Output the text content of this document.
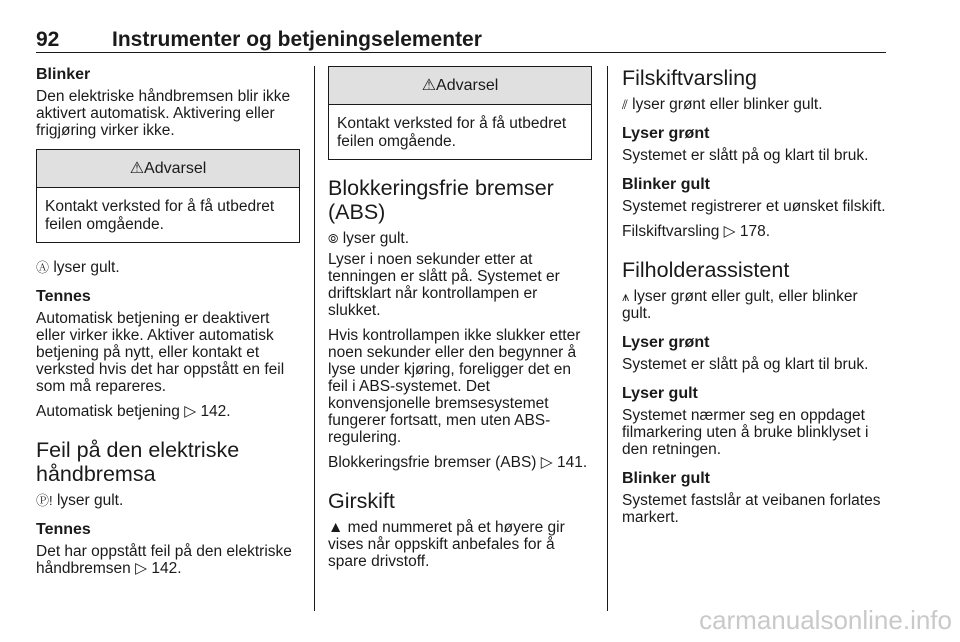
92	Instrumenter og betjeningselementer
Blinker
Den elektriske håndbremsen blir ikke aktivert automatisk. Aktivering eller frigjøring virker ikke.
⚠Advarsel
Kontakt verksted for å få utbedret feilen omgående.
Ⓐ lyser gult.
Tennes
Automatisk betjening er deaktivert eller virker ikke. Aktiver automatisk betjening på nytt, eller kontakt et verksted hvis det har oppstått en feil som må repareres.
Automatisk betjening ▷ 142.
Feil på den elektriske håndbremsa
Ⓟ! lyser gult.
Tennes
Det har oppstått feil på den elektriske håndbremsen ▷ 142.
⚠Advarsel
Kontakt verksted for å få utbedret feilen omgående.
Blokkeringsfrie bremser (ABS)
⦾ lyser gult.
Lyser i noen sekunder etter at tenningen er slått på. Systemet er driftsklart når kontrollampen er slukket.
Hvis kontrollampen ikke slukker etter noen sekunder eller den begynner å lyse under kjøring, foreligger det en feil i ABS-systemet. Det konvensjonelle bremsesystemet fungerer fortsatt, men uten ABS-regulering.
Blokkeringsfrie bremser (ABS) ▷ 141.
Girskift
▲ med nummeret på et høyere gir vises når oppskift anbefales for å spare drivstoff.
Filskiftvarsling
⫽ lyser grønt eller blinker gult.
Lyser grønt
Systemet er slått på og klart til bruk.
Blinker gult
Systemet registrerer et uønsket filskift.
Filskiftvarsling ▷ 178.
Filholderassistent
⩚ lyser grønt eller gult, eller blinker gult.
Lyser grønt
Systemet er slått på og klart til bruk.
Lyser gult
Systemet nærmer seg en oppdaget filmarkering uten å bruke blinklyset i den retningen.
Blinker gult
Systemet fastslår at veibanen forlates markert.
carmanualsonline.info
